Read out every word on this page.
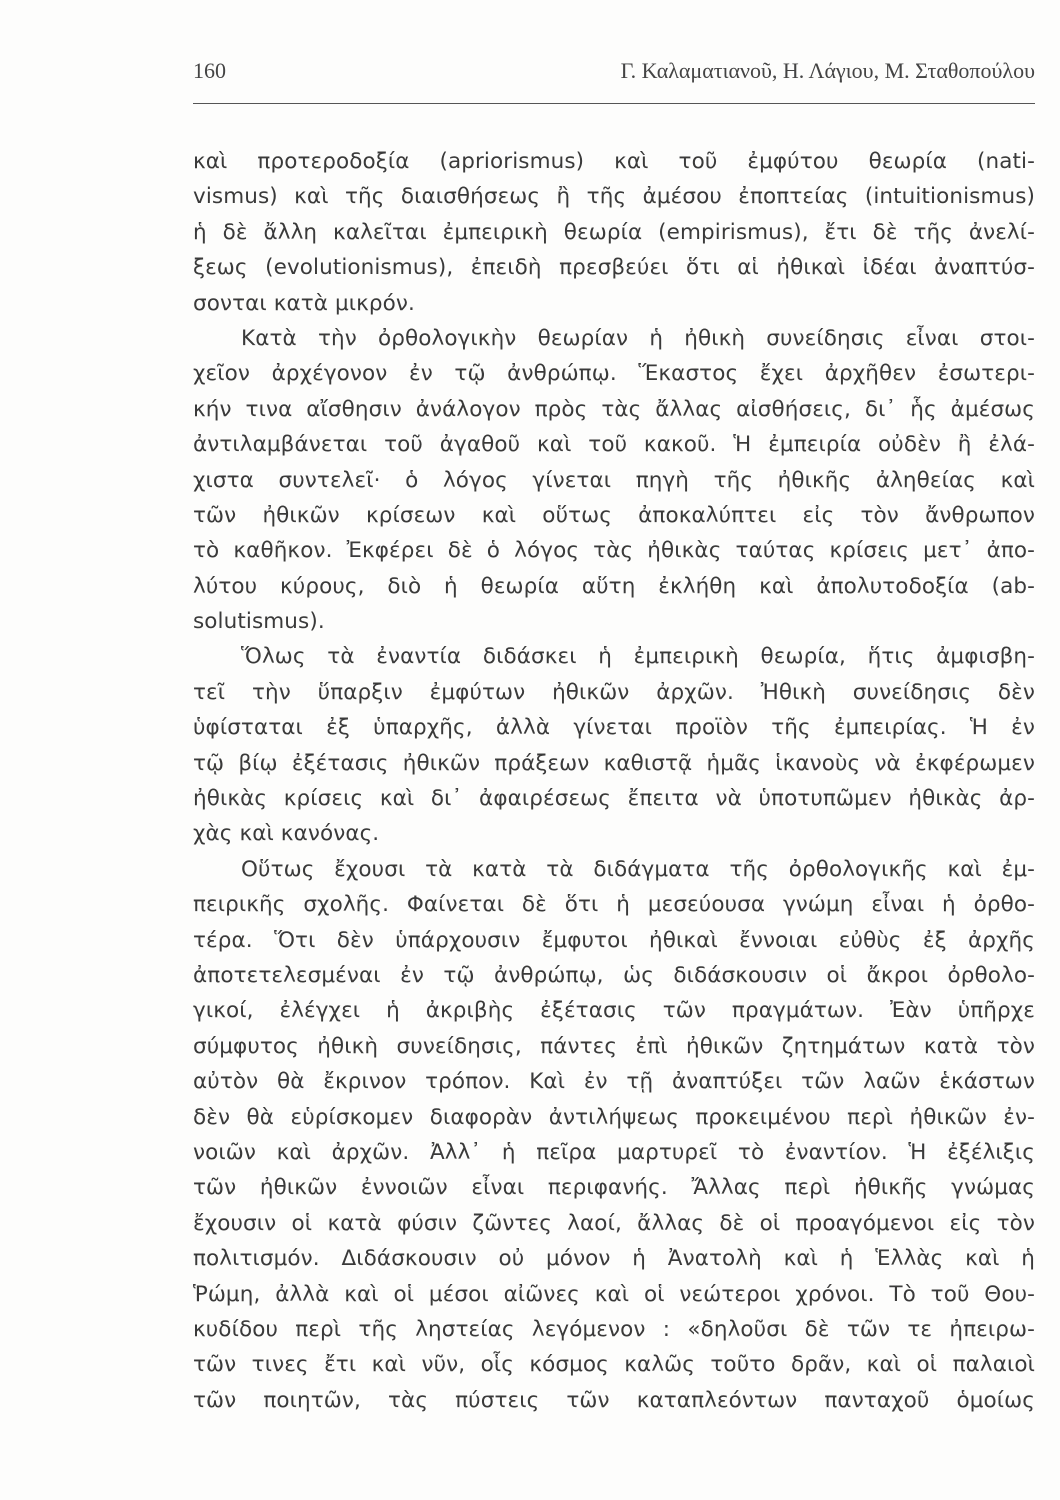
160	Γ. Καλαματιανοῦ, Η. Λάγιου, Μ. Σταθοπούλου
καὶ προτεροδοξία (apriorismus) καὶ τοῦ ἐμφύτου θεωρία (nati-
vismus) καὶ τῆς διαισθήσεως ἢ τῆς ἀμέσου ἐποπτείας (intuitionismus)
ἡ δὲ ἄλλη καλεῖται ἐμπειρικὴ θεωρία (empirismus), ἔτι δὲ τῆς ἀνελί-
ξεως (evolutionismus), ἐπειδὴ πρεσβεύει ὅτι αἱ ἠθικαὶ ἰδέαι ἀναπτύσ-
σονται κατὰ μικρόν.
Κατὰ τὴν ὀρθολογικὴν θεωρίαν ἡ ἠθικὴ συνείδησις εἶναι στοι-
χεῖον ἀρχέγονον ἐν τῷ ἀνθρώπῳ. Ἕκαστος ἔχει ἀρχῆθεν ἐσωτερι-
κήν τινα αἴσθησιν ἀνάλογον πρὸς τὰς ἄλλας αἰσθήσεις, δι᾽ ἧς ἀμέσως
ἀντιλαμβάνεται τοῦ ἀγαθοῦ καὶ τοῦ κακοῦ. Ἡ ἐμπειρία οὐδὲν ἢ ἐλά-
χιστα συντελεῖ· ὁ λόγος γίνεται πηγὴ τῆς ἠθικῆς ἀληθείας καὶ
τῶν ἠθικῶν κρίσεων καὶ οὕτως ἀποκαλύπτει εἰς τὸν ἄνθρωπον
τὸ καθῆκον. Ἐκφέρει δὲ ὁ λόγος τὰς ἠθικὰς ταύτας κρίσεις μετ᾽ ἀπο-
λύτου κύρους, διὸ ἡ θεωρία αὕτη ἐκλήθη καὶ ἀπολυτοδοξία (ab-
solutismus).
Ὅλως τὰ ἐναντία διδάσκει ἡ ἐμπειρικὴ θεωρία, ἥτις ἀμφισβη-
τεῖ τὴν ὕπαρξιν ἐμφύτων ἠθικῶν ἀρχῶν. Ἠθικὴ συνείδησις δὲν
ὑφίσταται ἐξ ὑπαρχῆς, ἀλλὰ γίνεται προϊὸν τῆς ἐμπειρίας. Ἡ ἐν
τῷ βίῳ ἐξέτασις ἠθικῶν πράξεων καθιστᾷ ἡμᾶς ἱκανοὺς νὰ ἐκφέρωμεν
ἠθικὰς κρίσεις καὶ δι᾽ ἀφαιρέσεως ἔπειτα νὰ ὑποτυπῶμεν ἠθικὰς ἀρ-
χὰς καὶ κανόνας.
Οὕτως ἔχουσι τὰ κατὰ τὰ διδάγματα τῆς ὀρθολογικῆς καὶ ἐμ-
πειρικῆς σχολῆς. Φαίνεται δὲ ὅτι ἡ μεσεύουσα γνώμη εἶναι ἡ ὀρθο-
τέρα. Ὅτι δὲν ὑπάρχουσιν ἔμφυτοι ἠθικαὶ ἔννοιαι εὐθὺς ἐξ ἀρχῆς
ἀποτετελεσμέναι ἐν τῷ ἀνθρώπῳ, ὡς διδάσκουσιν οἱ ἄκροι ὀρθολο-
γικοί, ἐλέγχει ἡ ἀκριβὴς ἐξέτασις τῶν πραγμάτων. Ἐὰν ὑπῆρχε
σύμφυτος ἠθικὴ συνείδησις, πάντες ἐπὶ ἠθικῶν ζητημάτων κατὰ τὸν
αὐτὸν θὰ ἔκρινον τρόπον. Καὶ ἐν τῇ ἀναπτύξει τῶν λαῶν ἑκάστων
δὲν θὰ εὑρίσκομεν διαφορὰν ἀντιλήψεως προκειμένου περὶ ἠθικῶν ἐν-
νοιῶν καὶ ἀρχῶν. Ἀλλ᾽ ἡ πεῖρα μαρτυρεῖ τὸ ἐναντίον. Ἡ ἐξέλιξις
τῶν ἠθικῶν ἐννοιῶν εἶναι περιφανής. Ἄλλας περὶ ἠθικῆς γνώμας
ἔχουσιν οἱ κατὰ φύσιν ζῶντες λαοί, ἄλλας δὲ οἱ προαγόμενοι εἰς τὸν
πολιτισμόν. Διδάσκουσιν οὐ μόνον ἡ Ἀνατολὴ καὶ ἡ Ἑλλὰς καὶ ἡ
Ῥώμη, ἀλλὰ καὶ οἱ μέσοι αἰῶνες καὶ οἱ νεώτεροι χρόνοι. Τὸ τοῦ Θου-
κυδίδου περὶ τῆς ληστείας λεγόμενον : «δηλοῦσι δὲ τῶν τε ἠπειρω-
τῶν τινες ἔτι καὶ νῦν, οἷς κόσμος καλῶς τοῦτο δρᾶν, καὶ οἱ παλαιοὶ
τῶν ποιητῶν, τὰς πύστεις τῶν καταπλεόντων πανταχοῦ ὁμοίως
